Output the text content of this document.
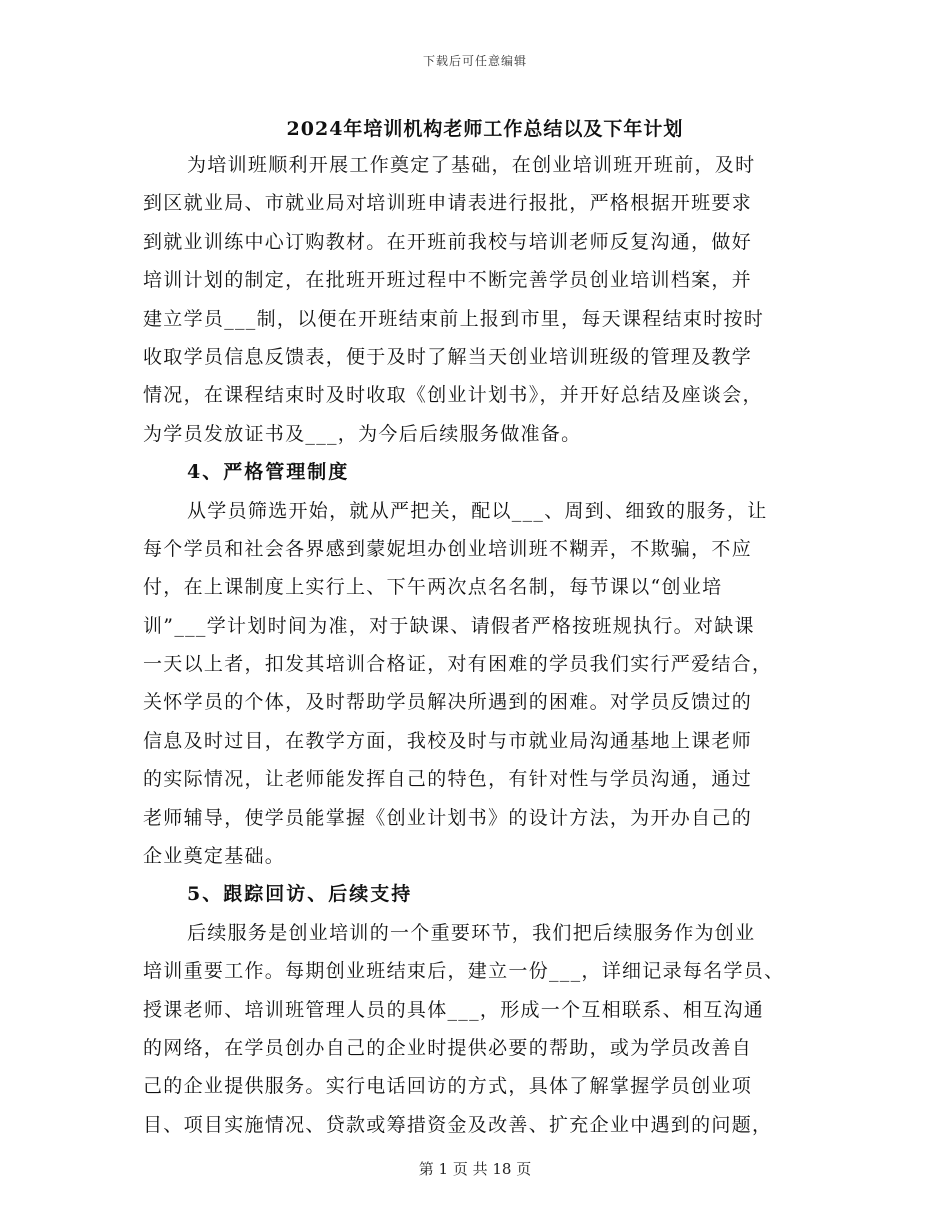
下载后可任意编辑
2024年培训机构老师工作总结以及下年计划
为培训班顺利开展工作奠定了基础，在创业培训班开班前，及时
到区就业局、市就业局对培训班申请表进行报批，严格根据开班要求
到就业训练中心订购教材。在开班前我校与培训老师反复沟通，做好
培训计划的制定，在批班开班过程中不断完善学员创业培训档案，并
建立学员___制，以便在开班结束前上报到市里，每天课程结束时按时
收取学员信息反馈表，便于及时了解当天创业培训班级的管理及教学
情况，在课程结束时及时收取《创业计划书》，并开好总结及座谈会，
为学员发放证书及___，为今后后续服务做准备。
4、严格管理制度
从学员筛选开始，就从严把关，配以___、周到、细致的服务，让
每个学员和社会各界感到蒙妮坦办创业培训班不糊弄，不欺骗，不应
付，在上课制度上实行上、下午两次点名名制，每节课以“创业培
训”___学计划时间为准，对于缺课、请假者严格按班规执行。对缺课
一天以上者，扣发其培训合格证，对有困难的学员我们实行严爱结合，
关怀学员的个体，及时帮助学员解决所遇到的困难。对学员反馈过的
信息及时过目，在教学方面，我校及时与市就业局沟通基地上课老师
的实际情况，让老师能发挥自己的特色，有针对性与学员沟通，通过
老师辅导，使学员能掌握《创业计划书》的设计方法，为开办自己的
企业奠定基础。
5、跟踪回访、后续支持
后续服务是创业培训的一个重要环节，我们把后续服务作为创业
培训重要工作。每期创业班结束后，建立一份___，详细记录每名学员、
授课老师、培训班管理人员的具体___，形成一个互相联系、相互沟通
的网络，在学员创办自己的企业时提供必要的帮助，或为学员改善自
己的企业提供服务。实行电话回访的方式，具体了解掌握学员创业项
目、项目实施情况、贷款或筹措资金及改善、扩充企业中遇到的问题，
第 1 页 共 18 页
